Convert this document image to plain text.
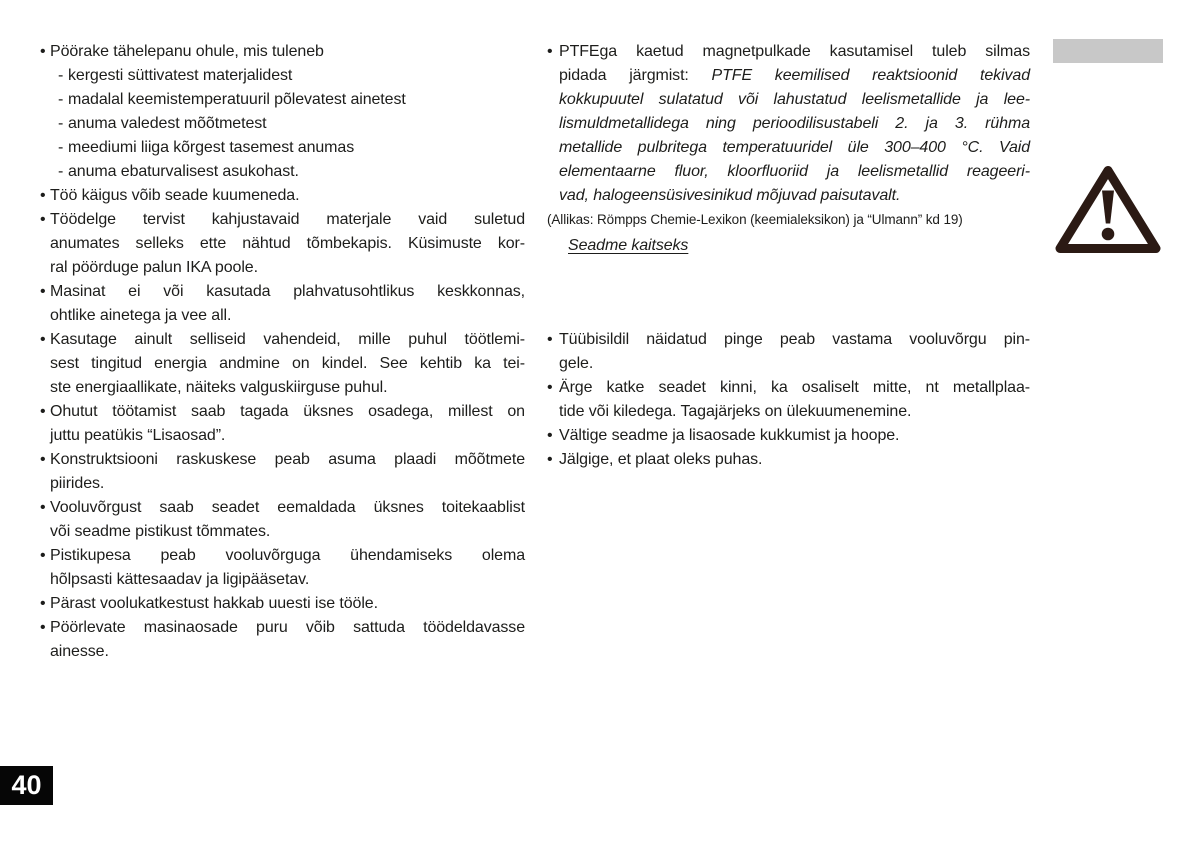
• Pöörake tähelepanu ohule, mis tuleneb
- kergesti süttivatest materjalidest
- madalal keemistemperatuuril põlevatest ainetest
- anuma valedest mõõtmetest
- meediumi liiga kõrgest tasemest anumas
- anuma ebaturvalisest asukohast.
• Töö käigus võib seade kuumeneda.
• Töödelge tervist kahjustavaid materjale vaid suletud
anumates selleks ette nähtud tõmbekapis. Küsimuste kor-
ral pöörduge palun IKA poole.
• Masinat ei või kasutada plahvatusohtlikus keskkonnas,
ohtlike ainetega ja vee all.
• Kasutage ainult selliseid vahendeid, mille puhul töötlemi-
sest tingitud energia andmine on kindel. See kehtib ka tei-
ste energiaallikate, näiteks valguskiirguse puhul.
• Ohutut töötamist saab tagada üksnes osadega, millest on
juttu peatükis “Lisaosad”.
• Konstruktsiooni raskuskese peab asuma plaadi mõõtmete
piirides.
• Vooluvõrgust saab seadet eemaldada üksnes toitekaablist
või seadme pistikust tõmmates.
• Pistikupesa peab vooluvõrguga ühendamiseks olema
hõlpsasti kättesaadav ja ligipääsetav.
• Pärast voolukatkestust hakkab uuesti ise tööle.
• Pöörlevate masinaosade puru võib sattuda töödeldavasse
ainesse.
• PTFEga kaetud magnetpulkade kasutamisel tuleb silmas
pidada järgmist: PTFE keemilised reaktsioonid tekivad
kokkupuutel sulatatud või lahustatud leelismetallide ja lee-
lismuldmetallidega ning perioodilisustabeli 2. ja 3. rühma
metallide pulbritega temperatuuridel üle 300–400 °C. Vaid
elementaarne fluor, kloorfluoriid ja leelismetallid reageeri-
vad, halogeensüsivesinikud mõjuvad paisutavalt.
(Allikas: Römpps Chemie-Lexikon (keemialeksikon) ja “Ulmann” kd 19)
Seadme kaitseks
• Tüübisildil näidatud pinge peab vastama vooluvõrgu pin-
gele.
• Ärge katke seadet kinni, ka osaliselt mitte, nt metallplaa-
tide või kiledega. Tagajärjeks on ülekuumenemine.
• Vältige seadme ja lisaosade kukkumist ja hoope.
• Jälgige, et plaat oleks puhas.
40
